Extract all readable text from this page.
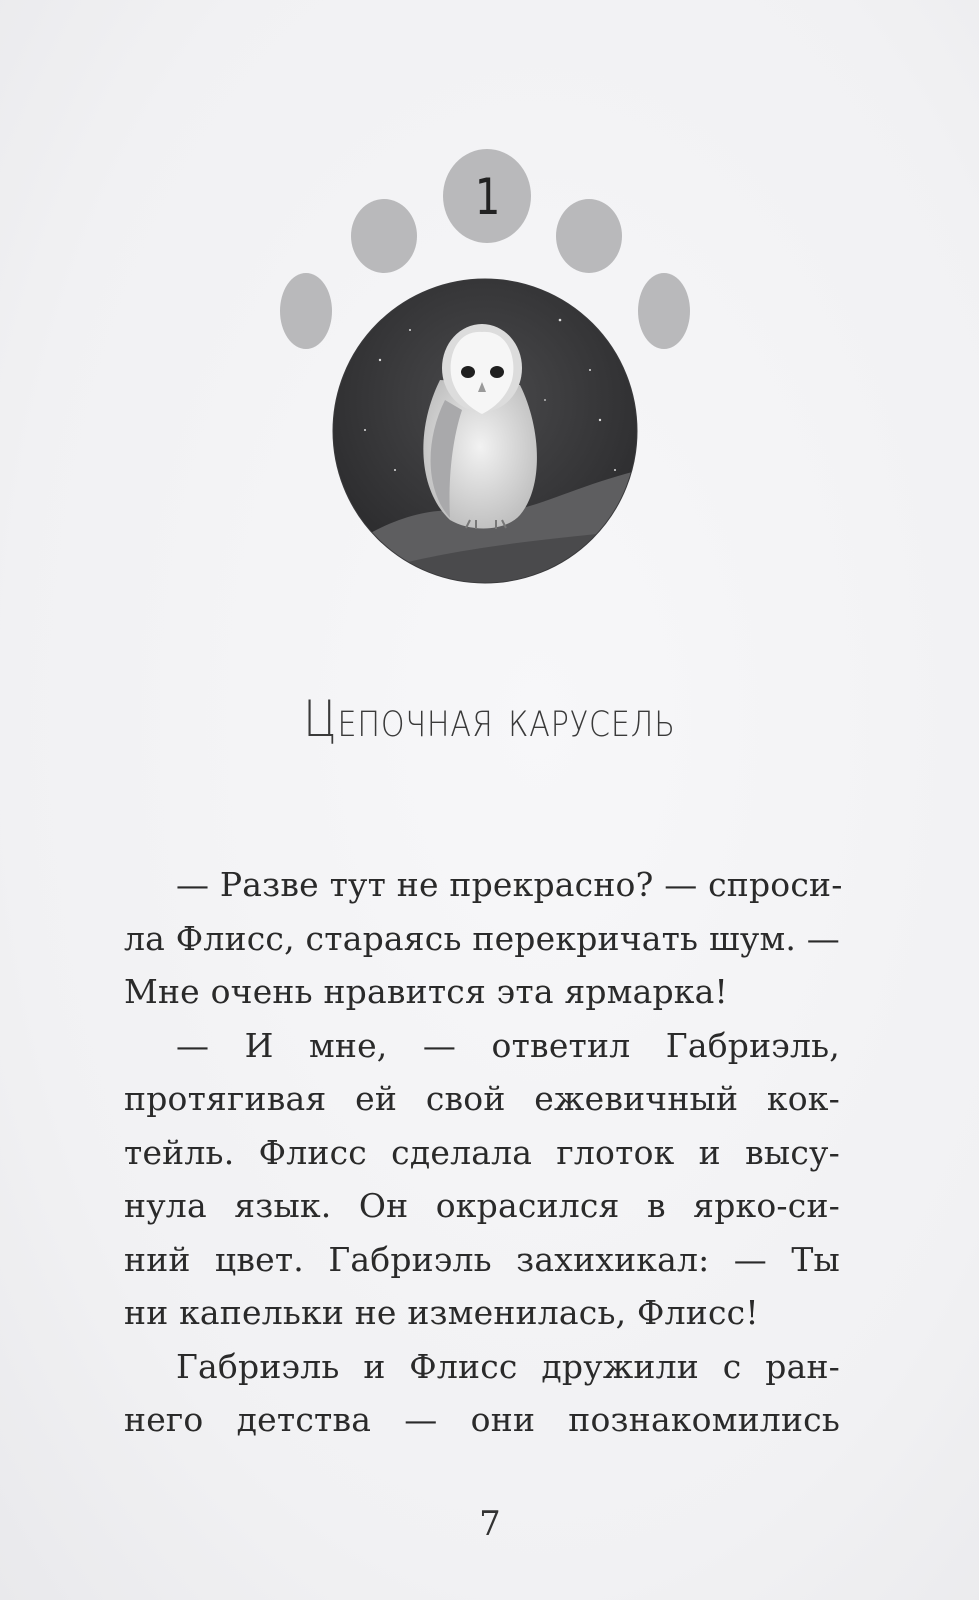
1
Цепочная карусель
— Разве тут не прекрасно? — спроси-
ла Флисс, стараясь перекричать шум. —
Мне очень нравится эта ярмарка!
— И мне, — ответил Габриэль,
протягивая ей свой ежевичный кок-
тейль. Флисс сделала глоток и высу-
нула язык. Он окрасился в ярко-си-
ний цвет. Габриэль захихикал: — Ты
ни капельки не изменилась, Флисс!
Габриэль и Флисс дружили с ран-
него детства — они познакомились
7
